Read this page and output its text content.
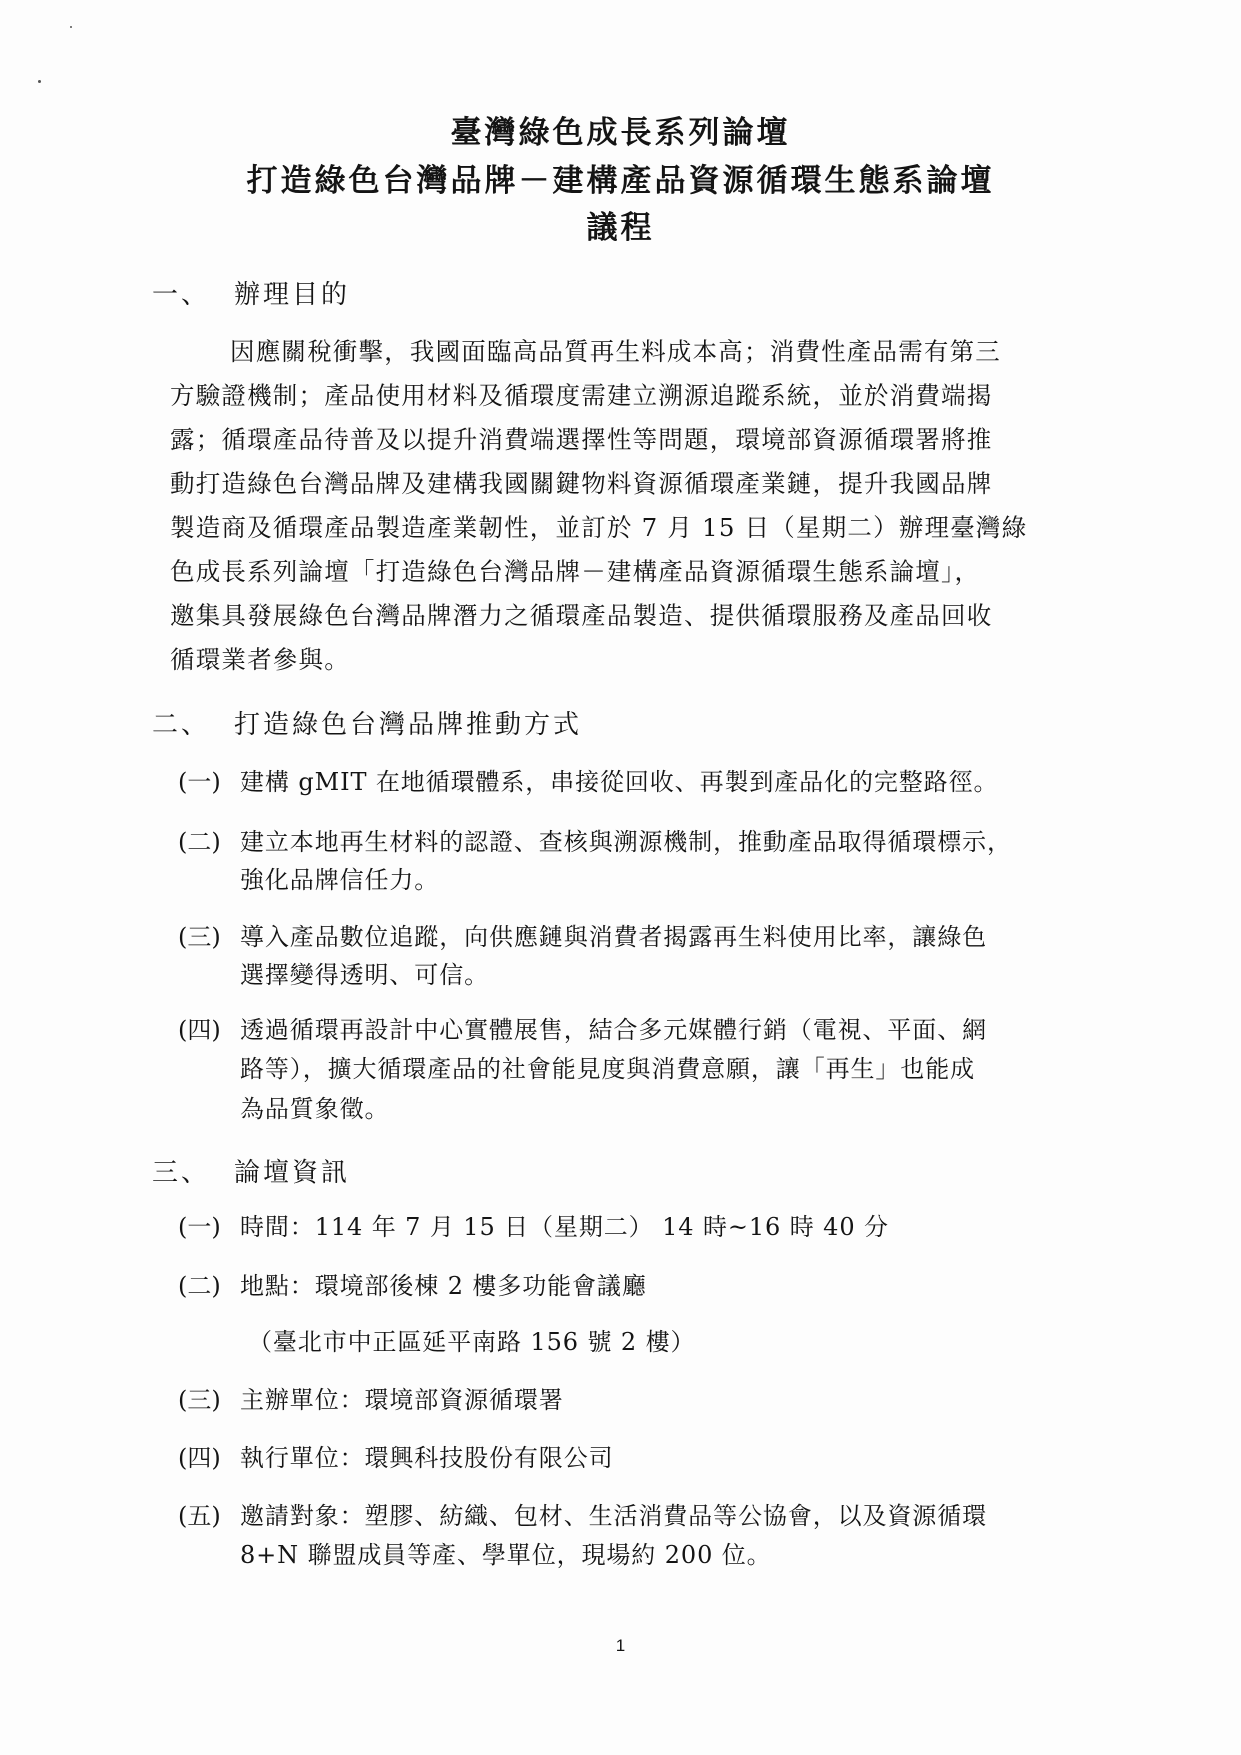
臺灣綠色成長系列論壇
打造綠色台灣品牌－建構產品資源循環生態系論壇
議程
一、 辦理目的
因應關稅衝擊，我國面臨高品質再生料成本高；消費性產品需有第三
方驗證機制；產品使用材料及循環度需建立溯源追蹤系統，並於消費端揭
露；循環產品待普及以提升消費端選擇性等問題，環境部資源循環署將推
動打造綠色台灣品牌及建構我國關鍵物料資源循環產業鏈，提升我國品牌
製造商及循環產品製造產業韌性，並訂於 7 月 15 日（星期二）辦理臺灣綠
色成長系列論壇「打造綠色台灣品牌－建構產品資源循環生態系論壇」，
邀集具發展綠色台灣品牌潛力之循環產品製造、提供循環服務及產品回收
循環業者參與。
二、 打造綠色台灣品牌推動方式
(一) 建構 gMIT 在地循環體系，串接從回收、再製到產品化的完整路徑。
(二) 建立本地再生材料的認證、查核與溯源機制，推動產品取得循環標示，
強化品牌信任力。
(三) 導入產品數位追蹤，向供應鏈與消費者揭露再生料使用比率，讓綠色
選擇變得透明、可信。
(四) 透過循環再設計中心實體展售，結合多元媒體行銷（電視、平面、網
路等），擴大循環產品的社會能見度與消費意願，讓「再生」也能成
為品質象徵。
三、 論壇資訊
(一) 時間：114 年 7 月 15 日（星期二） 14 時~16 時 40 分
(二) 地點：環境部後棟 2 樓多功能會議廳
（臺北市中正區延平南路 156 號 2 樓）
(三) 主辦單位：環境部資源循環署
(四) 執行單位：環興科技股份有限公司
(五) 邀請對象：塑膠、紡織、包材、生活消費品等公協會，以及資源循環
8+N 聯盟成員等產、學單位，現場約 200 位。
1
